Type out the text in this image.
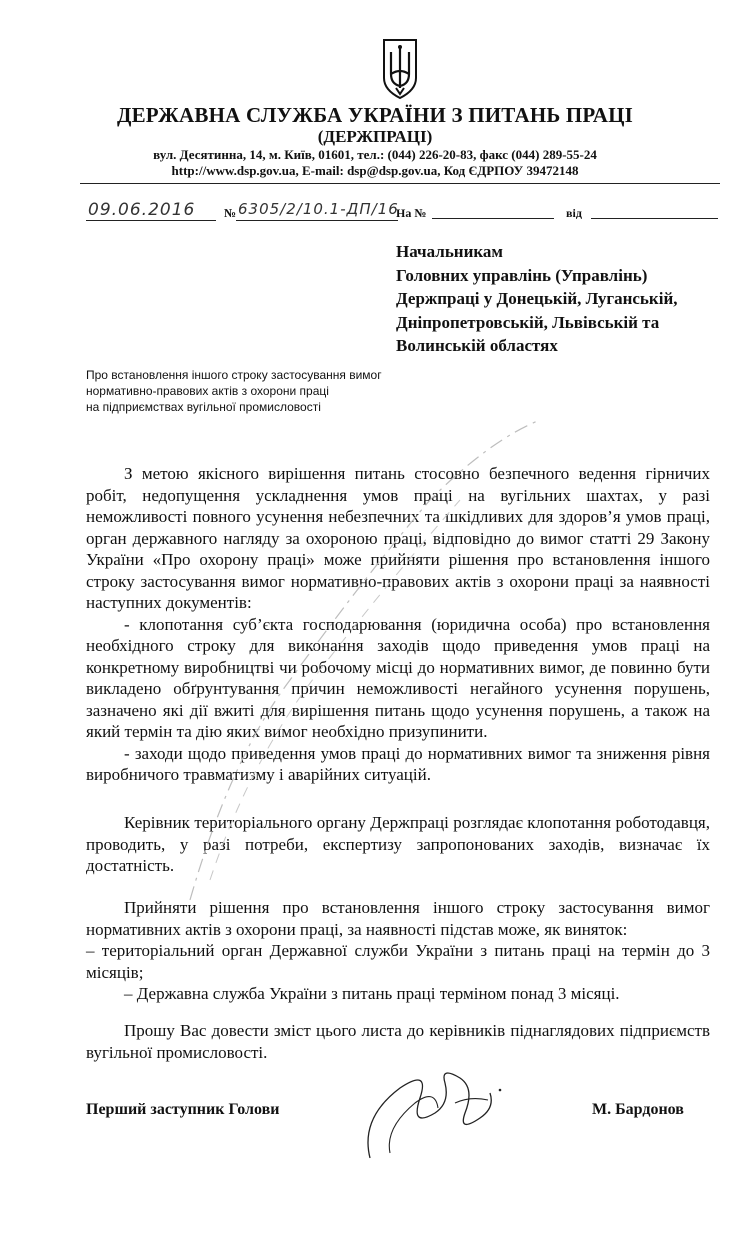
ДЕРЖАВНА СЛУЖБА УКРАЇНИ З ПИТАНЬ ПРАЦІ
(ДЕРЖПРАЦІ)
вул. Десятинна, 14, м. Київ, 01601, тел.: (044) 226-20-83, факс (044) 289-55-24
http://www.dsp.gov.ua, E-mail: dsp@dsp.gov.ua, Код ЄДРПОУ 39472148
09.06.2016 № 6305/2/10.1-ДП/16
На №	від
Начальникам
Головних управлінь (Управлінь)
Держпраці у Донецькій, Луганській,
Дніпропетровській, Львівській та
Волинській областях
Про встановлення іншого строку застосування вимог
нормативно-правових актів з охорони праці
на підприємствах вугільної промисловості

З метою якісного вирішення питань стосовно безпечного ведення гірничих робіт, недопущення ускладнення умов праці на вугільних шахтах, у разі неможливості повного усунення небезпечних та шкідливих для здоров’я умов праці, орган державного нагляду за охороною праці, відповідно до вимог статті 29 Закону України «Про охорону праці» може прийняти рішення про встановлення іншого строку застосування вимог нормативно-правових актів з охорони праці за наявності наступних документів:

- клопотання суб’єкта господарювання (юридична особа) про встановлення необхідного строку для виконання заходів щодо приведення умов праці на конкретному виробництві чи робочому місці до нормативних вимог, де повинно бути викладено обґрунтування причин неможливості негайного усунення порушень, зазначено які дії вжиті для вирішення питань щодо усунення порушень, а також на який термін та дію яких вимог необхідно призупинити.

- заходи щодо приведення умов праці до нормативних вимог та зниження рівня виробничого травматизму і аварійних ситуацій.

Керівник територіального органу Держпраці розглядає клопотання роботодавця, проводить, у разі потреби, експертизу запропонованих заходів, визначає їх достатність.

Прийняти рішення про встановлення іншого строку застосування вимог нормативних актів з охорони праці, за наявності підстав може, як виняток:

– територіальний орган Державної служби України з питань праці на термін до 3 місяців;

– Державна служба України з питань праці терміном понад 3 місяці.

Прошу Вас довести зміст цього листа до керівників піднаглядових підприємств вугільної промисловості.

Перший заступник Голови	М. Бардонов
